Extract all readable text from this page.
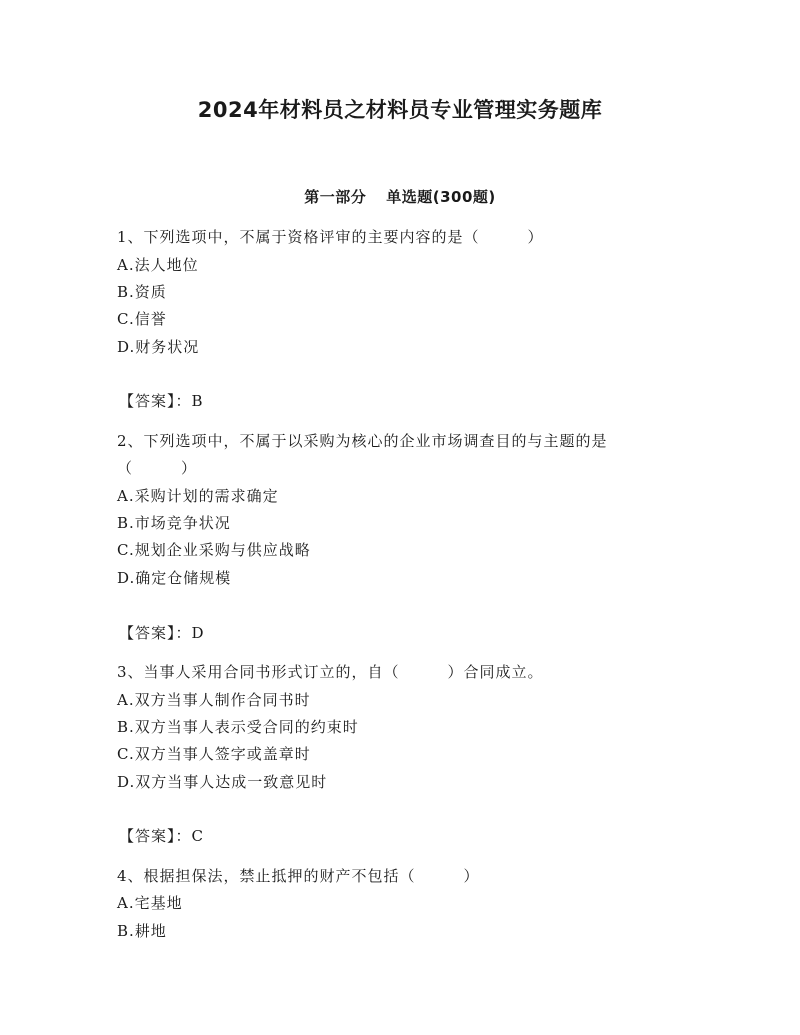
2024年材料员之材料员专业管理实务题库
第一部分 单选题(300题)
1、下列选项中，不属于资格评审的主要内容的是（　　　）
A.法人地位
B.资质
C.信誉
D.财务状况
【答案】：B
2、下列选项中，不属于以采购为核心的企业市场调查目的与主题的是
（　　　）
A.采购计划的需求确定
B.市场竞争状况
C.规划企业采购与供应战略
D.确定仓储规模
【答案】：D
3、当事人采用合同书形式订立的，自（　　　）合同成立。
A.双方当事人制作合同书时
B.双方当事人表示受合同的约束时
C.双方当事人签字或盖章时
D.双方当事人达成一致意见时
【答案】：C
4、根据担保法，禁止抵押的财产不包括（　　　）
A.宅基地
B.耕地
